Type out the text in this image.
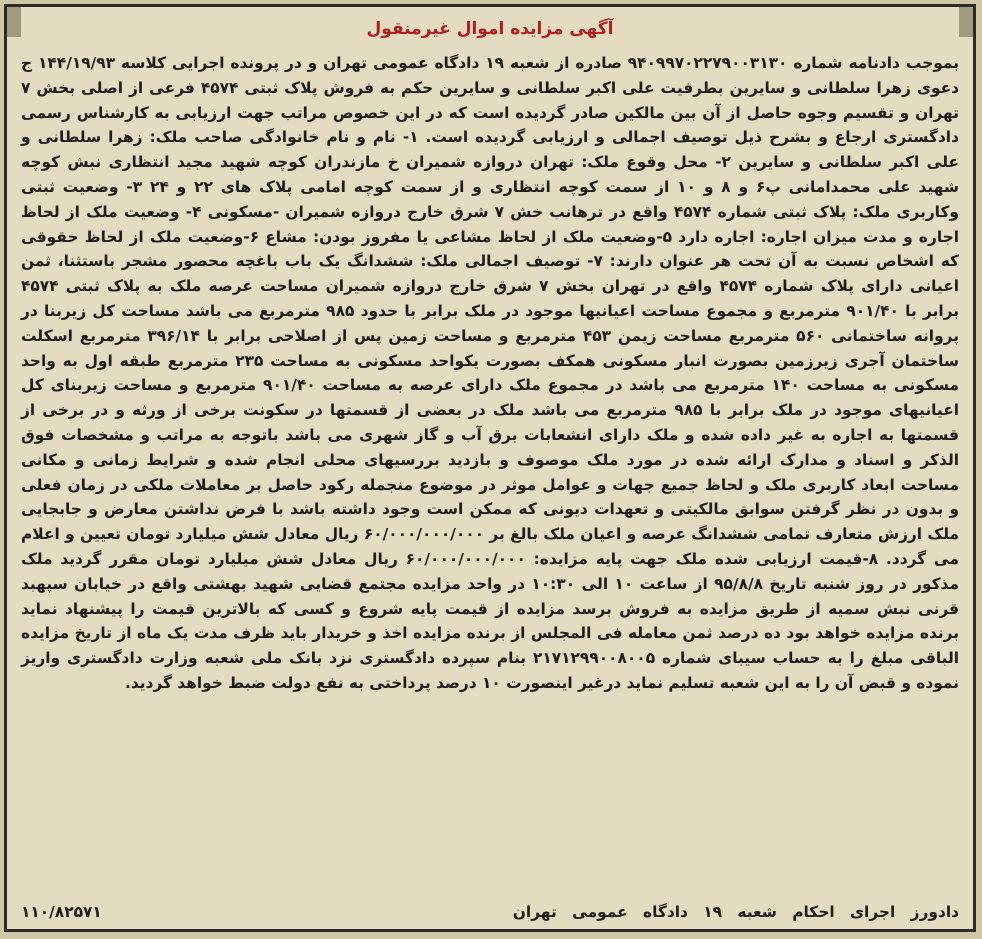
آگهی مزایده اموال غیرمنقول
بموجب دادنامه شماره ۹۴۰۹۹۷۰۲۲۷۹۰۰۳۱۳۰ صادره از شعبه ۱۹ دادگاه عمومی تهران و در پرونده اجرایی کلاسه ۱۴۴/۱۹/۹۳ ج دعوی زهرا سلطانی و سایرین بطرفیت علی اکبر سلطانی و سایرین حکم به فروش پلاک ثبتی ۴۵۷۴ فرعی از اصلی بخش ۷ تهران و تقسیم وجوه حاصل از آن بین مالکین صادر گردیده است که در این خصوص مراتب جهت ارزیابی به کارشناس رسمی دادگستری ارجاع و بشرح ذیل توصیف اجمالی و ارزیابی گردیده است. ۱- نام و نام خانوادگی صاحب ملک: زهرا سلطانی و علی اکبر سلطانی و سایرین ۲- محل وقوع ملک: تهران دروازه شمیران خ مازندران کوچه شهید مجید انتظاری نبش کوچه شهید علی محمدامانی پ۶ و ۸ و ۱۰ از سمت کوچه انتظاری و از سمت کوچه امامی پلاک های ۲۲ و ۲۴ ۳- وضعیت ثبتی وکاربری ملک: پلاک ثبتی شماره ۴۵۷۴ واقع در ترهانب خش ۷ شرق خارج دروازه شمیران -مسکونی ۴- وضعیت ملک از لحاظ اجاره و مدت میزان اجاره: اجاره دارد ۵-وضعیت ملک از لحاظ مشاعی یا مفروز بودن: مشاع ۶-وضعیت ملک از لحاظ حقوقی که اشخاص نسبت به آن تحت هر عنوان دارند: ۷- توصیف اجمالی ملک: ششدانگ یک باب باغچه محصور مشجر باستثنا، ثمن اعیانی دارای پلاک شماره ۴۵۷۴ واقع در تهران بخش ۷ شرق خارج دروازه شمیران مساحت عرصه ملک به پلاک ثبتی ۴۵۷۴ برابر با ۹۰۱/۴۰ مترمربع و مجموع مساحت اعیانیها موجود در ملک برابر با حدود ۹۸۵ مترمربع می باشد مساحت کل زیربنا در پروانه ساختمانی ۵۶۰ مترمربع مساحت زیمن ۴۵۳ مترمربع و مساحت زمین پس از اصلاحی برابر با ۳۹۶/۱۴ مترمربع اسکلت ساختمان آجری زیرزمین بصورت انبار مسکونی همکف بصورت یکواحد مسکونی به مساحت ۲۳۵ مترمربع طبقه اول به واحد مسکونی به مساحت ۱۴۰ مترمربع می باشد در مجموع ملک دارای عرصه به مساحت ۹۰۱/۴۰ مترمربع و مساحت زیربنای کل اعیانیهای موجود در ملک برابر با ۹۸۵ مترمربع می باشد ملک در بعضی از قسمتها در سکونت برخی از ورثه و در برخی از قسمتها به اجاره به غیر داده شده و ملک دارای انشعابات برق آب و گاز شهری می باشد باتوجه به مراتب و مشخصات فوق الذکر و اسناد و مدارک ارائه شده در مورد ملک موصوف و بازدید بررسیهای محلی انجام شده و شرایط زمانی و مکانی مساحت ابعاد کاربری ملک و لحاظ جمیع جهات و عوامل موثر در موضوع منجمله رکود حاصل بر معاملات ملکی در زمان فعلی و بدون در نظر گرفتن سوابق مالکیتی و تعهدات دیونی که ممکن است وجود داشته باشد با فرض نداشتن معارض و جابجایی ملک ارزش متعارف تمامی ششدانگ عرصه و اعیان ملک بالغ بر ۶۰/۰۰۰/۰۰۰/۰۰۰ ریال معادل شش میلیارد تومان تعیین و اعلام می گردد. ۸-قیمت ارزیابی شده ملک جهت پایه مزایده: ۶۰/۰۰۰/۰۰۰/۰۰۰ ریال معادل شش میلیارد تومان مقرر گردید ملک مذکور در روز شنبه تاریخ ۹۵/۸/۸ از ساعت ۱۰ الی ۱۰:۳۰ در واحد مزایده مجتمع قضایی شهید بهشتی واقع در خیابان سپهبد قرنی نبش سمیه از طریق مزایده به فروش برسد مزایده از قیمت پایه شروع و کسی که بالاترین قیمت را پیشنهاد نماید برنده مزایده خواهد بود ده درصد ثمن معامله فی المجلس از برنده مزایده اخذ و خریدار باید ظرف مدت یک ماه از تاریخ مزایده الباقی مبلغ را به حساب سیبای شماره ۲۱۷۱۲۹۹۰۰۸۰۰۵ بنام سپرده دادگستری نزد بانک ملی شعبه وزارت دادگستری واریز نموده و قبض آن را به این شعبه تسلیم نماید درغیر اینصورت ۱۰ درصد پرداختی به نفع دولت ضبط خواهد گردید.
دادورز اجرای احکام شعبه ۱۹ دادگاه عمومی تهران
۱۱۰/۸۲۵۷۱
